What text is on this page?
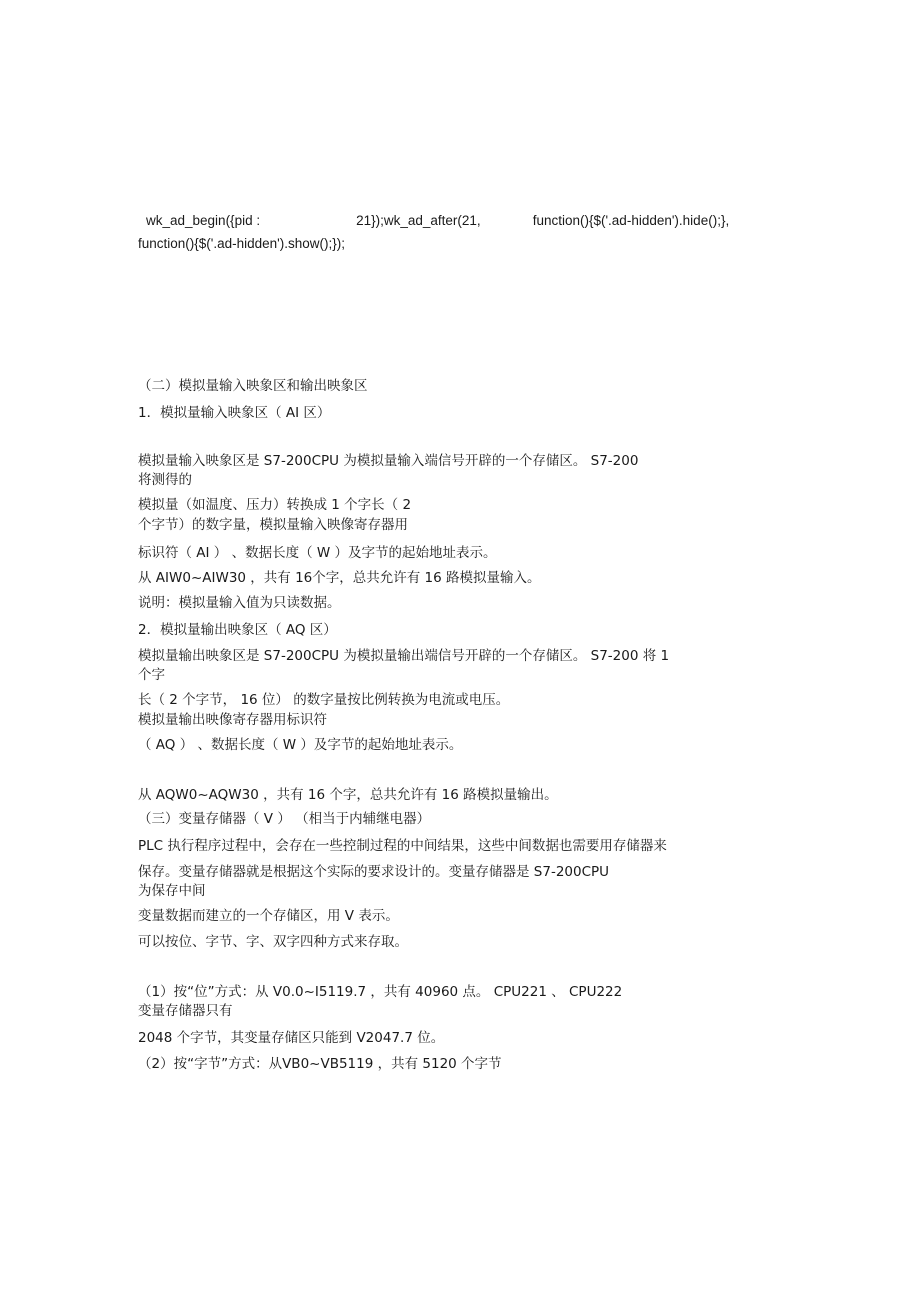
wk_ad_begin({pid :	21});wk_ad_after(21,	function(){$('.ad-hidden').hide();},
function(){$('.ad-hidden').show();});
（二）模拟量输入映象区和输出映象区
1．模拟量输入映象区（ AI 区）
模拟量输入映象区是 S7-200CPU 为模拟量输入端信号开辟的一个存储区。 S7-200
将测得的
模拟量（如温度、压力）转换成 1 个字长（ 2
个字节）的数字量，模拟量输入映像寄存器用
标识符（ AI ） 、数据长度（ W ）及字节的起始地址表示。
从 AIW0~AIW30 ，共有 16个字，总共允许有 16 路模拟量输入。
说明：模拟量输入值为只读数据。
2．模拟量输出映象区（ AQ 区）
模拟量输出映象区是 S7-200CPU 为模拟量输出端信号开辟的一个存储区。 S7-200 将 1
个字
长（ 2 个字节， 16 位） 的数字量按比例转换为电流或电压。
模拟量输出映像寄存器用标识符
（ AQ ） 、数据长度（ W ）及字节的起始地址表示。
从 AQW0~AQW30 ，共有 16 个字，总共允许有 16 路模拟量输出。
（三）变量存储器（ V ） （相当于内辅继电器）
PLC 执行程序过程中，会存在一些控制过程的中间结果，这些中间数据也需要用存储器来
保存。变量存储器就是根据这个实际的要求设计的。变量存储器是 S7-200CPU
为保存中间
变量数据而建立的一个存储区，用 V 表示。
可以按位、字节、字、双字四种方式来存取。
（1）按“位”方式：从 V0.0~I5119.7 ，共有 40960 点。 CPU221 、 CPU222
变量存储器只有
2048 个字节，其变量存储区只能到 V2047.7 位。
（2）按“字节”方式：从VB0~VB5119 ，共有 5120 个字节
